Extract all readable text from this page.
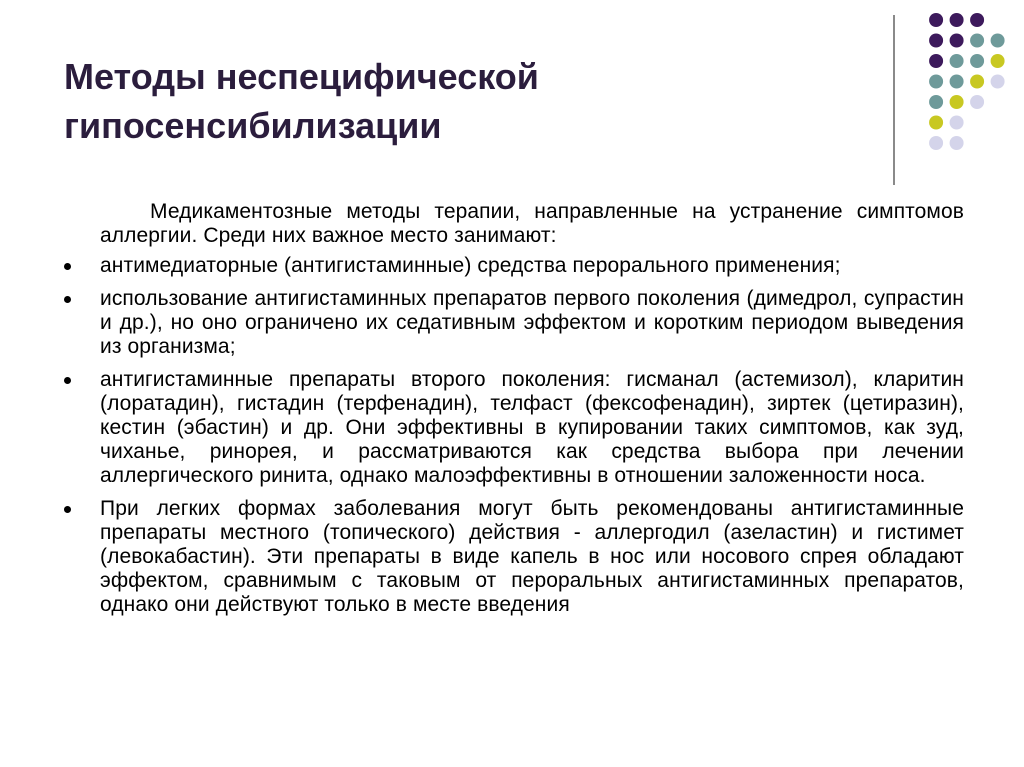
Методы неспецифической гипосенсибилизации

Медикаментозные методы терапии, направленные на устранение симптомов аллергии. Среди них важное место занимают:

антимедиаторные (антигистаминные) средства перорального применения;
использование антигистаминных препаратов первого поколения (димедрол, супрастин и др.), но оно ограничено их седативным эффектом и коротким периодом выведения из организма;
антигистаминные препараты второго поколения: гисманал (астемизол), кларитин (лоратадин), гистадин (терфенадин), телфаст (фексофенадин), зиртек (цетиразин), кестин (эбастин) и др. Они эффективны в купировании таких симптомов, как зуд, чиханье, ринорея, и рассматриваются как средства выбора при лечении аллергического ринита, однако малоэффективны в отношении заложенности носа.
При легких формах заболевания могут быть рекомендованы антигистаминные препараты местного (топического) действия - аллергодил (азеластин) и гистимет (левокабастин). Эти препараты в виде капель в нос или носового спрея обладают эффектом, сравнимым с таковым от пероральных антигистаминных препаратов, однако они действуют только в месте введения
